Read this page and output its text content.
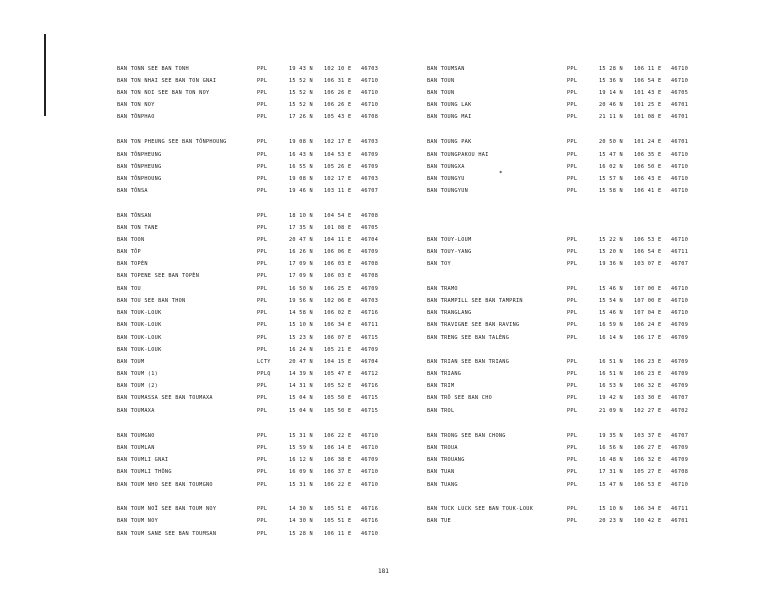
BAN TONN SEE BAN TONH	PPL	19 43 N 102 10 E 46703
BAN TON NHAI SEE BAN TON GNAI	PPL	15 52 N 106 31 E 46710
BAN TON NOI SEE BAN TON NOY	PPL	15 52 N 106 26 E 46710
BAN TON NOY	PPL	15 52 N 106 26 E 46710
BAN TÔNPHAO	PPL	17 26 N 105 43 E 46708
BAN TON PHEUNG SEE BAN TÔNPHOUNG	PPL	19 08 N 102 17 E 46703
BAN TÔNPHEUNG	PPL	16 43 N 104 53 E 46709
BAN TÔNPHEUNG	PPL	16 55 N 105 26 E 46709
BAN TÔNPHOUNG	PPL	19 08 N 102 17 E 46703
BAN TÔNSA	PPL	19 46 N 103 11 E 46707
BAN TÔNSAN	PPL	18 10 N 104 54 E 46708
BAN TON TANE	PPL	17 35 N 101 08 E 46705
BAN TOON	PPL	20 47 N 104 11 E 46704
BAN TÔP	PPL	16 26 N 106 06 E 46709
BAN TOPÈN	PPL	17 09 N 106 03 E 46708
BAN TOPENE SEE BAN TOPÈN	PPL	17 09 N 106 03 E 46708
BAN TOU	PPL	16 50 N 106 25 E 46709
BAN TOU SEE BAN THON	PPL	19 56 N 102 06 E 46703
BAN TOUK-LOUK	PPL	14 58 N 106 02 E 46716
BAN TOUK-LOUK	PPL	15 10 N 106 34 E 46711
BAN TOUK-LOUK	PPL	15 23 N 106 07 E 46715
BAN TOUK-LOUK	PPL	16 24 N 105 21 E 46709
BAN TOUM	LCTY	20 47 N 104 15 E 46704
BAN TOUM (1)	PPLQ	14 39 N 105 47 E 46712
BAN TOUM (2)	PPL	14 31 N 105 52 E 46716
BAN TOUMASSA SEE BAN TOUMAXA	PPL	15 04 N 105 50 E 46715
BAN TOUMAXA	PPL	15 04 N 105 50 E 46715
BAN TOUMGNO	PPL	15 31 N 106 22 E 46710
BAN TOUMLAN	PPL	15 59 N 106 14 E 46710
BAN TOUMLI GNAI	PPL	16 12 N 106 38 E 46709
BAN TOUMLI THÔNG	PPL	16 09 N 106 37 E 46710
BAN TOUM NHO SEE BAN TOUMGNO	PPL	15 31 N 106 22 E 46710
BAN TOUM NOÏ SEE BAN TOUM NOY	PPL	14 30 N 105 51 E 46716
BAN TOUM NOY	PPL	14 30 N 105 51 E 46716
BAN TOUM SANE SEE BAN TOUMSAN	PPL	15 28 N 106 11 E 46710
BAN TOUMSAN	PPL	15 28 N 106 11 E 46710
BAN TOUN	PPL	15 36 N 106 54 E 46710
BAN TOUN	PPL	19 14 N 101 43 E 46705
BAN TOUNG LAK	PPL	20 46 N 101 25 E 46701
BAN TOUNG MAI	PPL	21 11 N 101 08 E 46701
BAN TOUNG PAK	PPL	20 50 N 101 24 E 46701
BAN TOUNGPAKOU HAI	PPL	15 47 N 106 35 E 46710
BAN TOUNGXA	PPL	16 02 N 106 50 E 46710
BAN TOUNGYU	PPL	15 57 N 106 43 E 46710
BAN TOUNGYUN	PPL	15 58 N 106 41 E 46710
BAN TOUY-LOUM	PPL	15 22 N 106 53 E 46710
BAN TOUY-YANG	PPL	15 20 N 106 54 E 46711
BAN TOY	PPL	19 36 N 103 07 E 46707
BAN TRAMO	PPL	15 46 N 107 00 E 46710
BAN TRAMPILL SEE BAN TAMPRIN	PPL	15 54 N 107 00 E 46710
BAN TRANGLANG	PPL	15 46 N 107 04 E 46710
BAN TRAVIGNE SEE BAN RAVING	PPL	16 59 N 106 24 E 46709
BAN TRENG SEE BAN TALÈNG	PPL	16 14 N 106 17 E 46709
BAN TRIAN SEE BAN TRIANG	PPL	16 51 N 106 23 E 46709
BAN TRIANG	PPL	16 51 N 106 23 E 46709
BAN TRIM	PPL	16 53 N 106 32 E 46709
BAN TRÔ SEE BAN CHO	PPL	19 42 N 103 30 E 46707
BAN TROL	PPL	21 09 N 102 27 E 46702
BAN TRONG SEE BAN CHONG	PPL	19 35 N 103 37 E 46707
BAN TROUA	PPL	16 56 N 106 27 E 46709
BAN TROUANG	PPL	16 48 N 106 32 E 46709
BAN TUAN	PPL	17 31 N 105 27 E 46708
BAN TUANG	PPL	15 47 N 106 53 E 46710
BAN TUCK LUCK SEE BAN TOUK-LOUK	PPL	15 10 N 106 34 E 46711
BAN TUE	PPL	20 23 N 100 42 E 46701
*
181
